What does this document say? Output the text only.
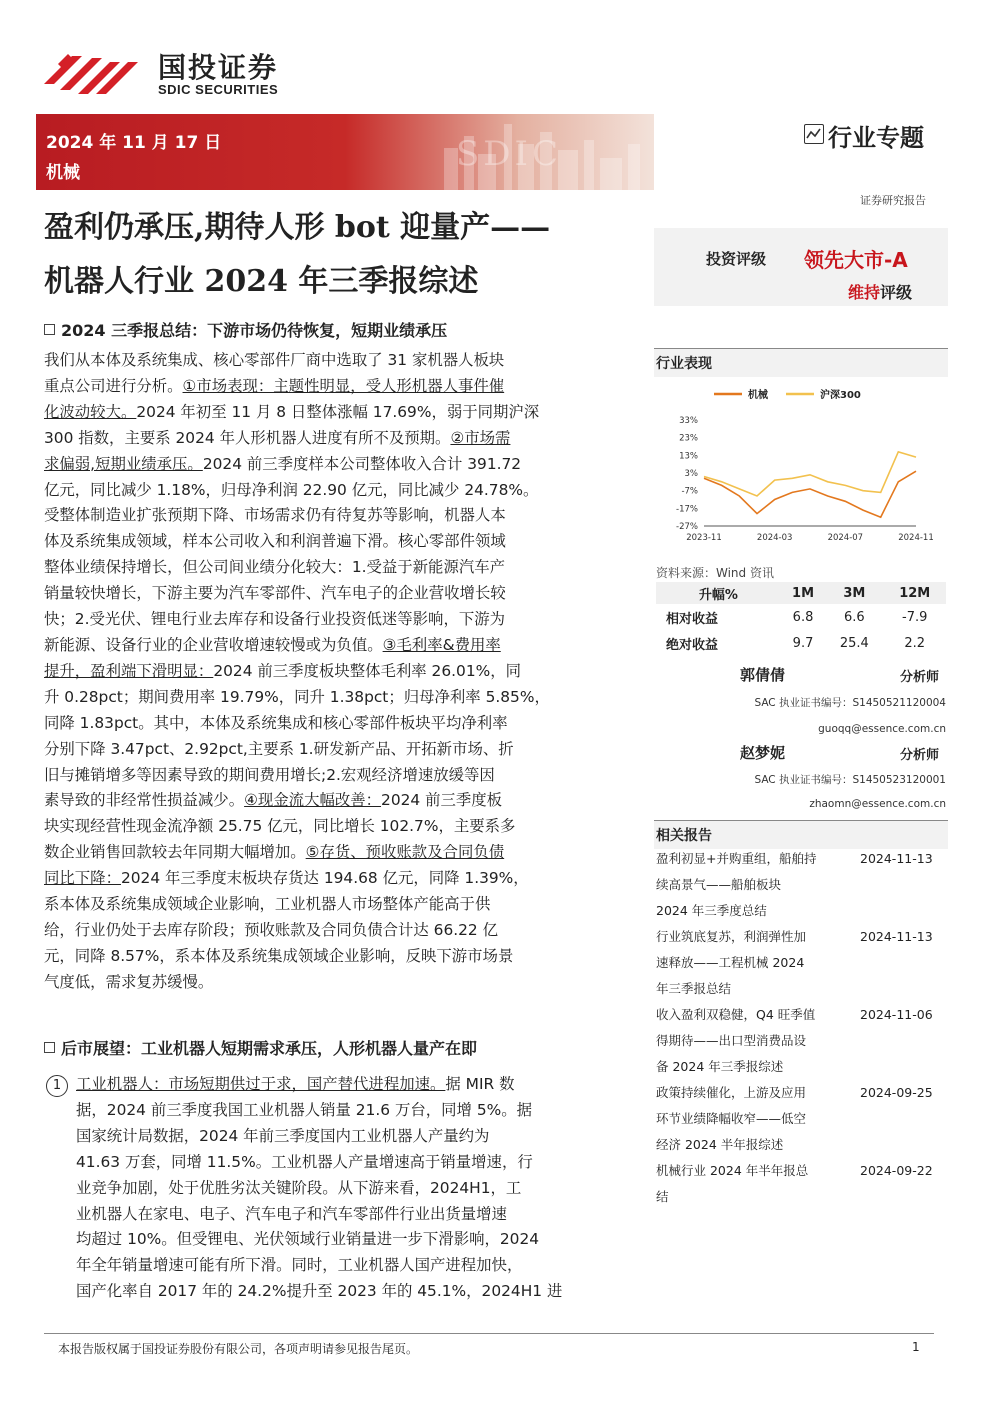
国投证券
SDIC SECURITIES
SDIC
2024 年 11 月 17 日
机械
行业专题
证券研究报告
盈利仍承压,期待人形 bot 迎量产——
机器人行业 2024 年三季报综述
投资评级 领先大市-A
维持评级
2024 三季报总结：下游市场仍待恢复，短期业绩承压
我们从本体及系统集成、核心零部件厂商中选取了 31 家机器人板块
重点公司进行分析。①市场表现：主题性明显，受人形机器人事件催
化波动较大。2024 年初至 11 月 8 日整体涨幅 17.69%，弱于同期沪深
300 指数，主要系 2024 年人形机器人进度有所不及预期。②市场需
求偏弱,短期业绩承压。2024 前三季度样本公司整体收入合计 391.72
亿元，同比减少 1.18%，归母净利润 22.90 亿元，同比减少 24.78%。
受整体制造业扩张预期下降、市场需求仍有待复苏等影响，机器人本
体及系统集成领域，样本公司收入和利润普遍下滑。核心零部件领域
整体业绩保持增长，但公司间业绩分化较大：1.受益于新能源汽车产
销量较快增长，下游主要为汽车零部件、汽车电子的企业营收增长较
快；2.受光伏、锂电行业去库存和设备行业投资低迷等影响，下游为
新能源、设备行业的企业营收增速较慢或为负值。③毛利率&费用率
提升，盈利端下滑明显：2024 前三季度板块整体毛利率 26.01%，同
升 0.28pct；期间费用率 19.79%，同升 1.38pct；归母净利率 5.85%，
同降 1.83pct。其中，本体及系统集成和核心零部件板块平均净利率
分别下降 3.47pct、2.92pct,主要系 1.研发新产品、开拓新市场、折
旧与摊销增多等因素导致的期间费用增长;2.宏观经济增速放缓等因
素导致的非经常性损益减少。④现金流大幅改善：2024 前三季度板
块实现经营性现金流净额 25.75 亿元，同比增长 102.7%，主要系多
数企业销售回款较去年同期大幅增加。⑤存货、预收账款及合同负债
同比下降：2024 年三季度末板块存货达 194.68 亿元，同降 1.39%，
系本体及系统集成领域企业影响，工业机器人市场整体产能高于供
给，行业仍处于去库存阶段；预收账款及合同负债合计达 66.22 亿
元，同降 8.57%，系本体及系统集成领域企业影响，反映下游市场景
气度低，需求复苏缓慢。
后市展望：工业机器人短期需求承压，人形机器人量产在即
1 工业机器人：市场短期供过于求，国产替代进程加速。据 MIR 数
据，2024 前三季度我国工业机器人销量 21.6 万台，同增 5%。据
国家统计局数据，2024 年前三季度国内工业机器人产量约为
41.63 万套，同增 11.5%。工业机器人产量增速高于销量增速，行
业竞争加剧，处于优胜劣汰关键阶段。从下游来看，2024H1，工
业机器人在家电、电子、汽车电子和汽车零部件行业出货量增速
均超过 10%。但受锂电、光伏领域行业销量进一步下滑影响，2024
年全年销量增速可能有所下滑。同时，工业机器人国产进程加快，
国产化率自 2017 年的 24.2%提升至 2023 年的 45.1%，2024H1 进
行业表现
机械	沪深300
33%
23%
13%
3%
-7%
-17%
-27%
2023-11	2024-03	2024-07	2024-11
资料来源：Wind 资讯
升幅%	1M	3M	12M
相对收益	6.8	6.6	-7.9
绝对收益	9.7	25.4	2.2
郭倩倩	分析师
SAC 执业证书编号：S1450521120004
guoqq@essence.com.cn
赵梦妮	分析师
SAC 执业证书编号：S1450523120001
zhaomn@essence.com.cn
相关报告
盈利初显+并购重组，船舶持
续高景气——船舶板块
2024 年三季度总结
2024-11-13
行业筑底复苏，利润弹性加
速释放——工程机械 2024
年三季报总结
2024-11-13
收入盈利双稳健，Q4 旺季值
得期待——出口型消费品设
备 2024 年三季报综述
2024-11-06
政策持续催化，上游及应用
环节业绩降幅收窄——低空
经济 2024 半年报综述
2024-09-25
机械行业 2024 年半年报总
结
2024-09-22
本报告版权属于国投证券股份有限公司，各项声明请参见报告尾页。	1
